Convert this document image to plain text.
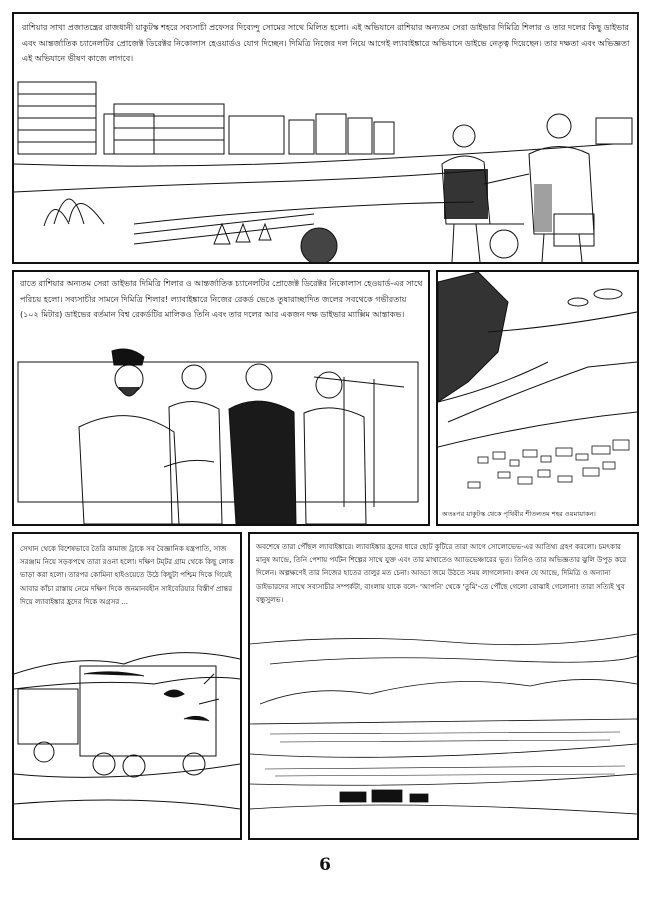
রাশিয়ার সাখা প্রজাতন্ত্রের রাজধানী য়াকুটস্ক শহরে সব্যসাচী প্রফেসর দিব্যেন্দু সোমের সাথে মিলিত হলো। এই অভিযানে রাশিয়ার অন্যতম সেরা ডাইভার দিমিত্রি শিলার ও তার দলের কিছু ডাইভার এবং আন্তর্জাতিক চ্যানেলটির প্রোজেক্ট ডিরেক্টর নিকোলাস হেওয়ার্ডও যোগ দিচ্ছেন। দিমিত্রি নিজের দল নিয়ে আগেই ল্যাবাইঙ্কারে অভিযানে ডাইভে নেতৃত্ব দিয়েছেন। তার দক্ষতা এবং অভিজ্ঞতা এই অভিযানে ভীষণ কাজে লাগবে।
রাতে রাশিয়ার অন্যতম সেরা ডাইভার দিমিত্রি শিলার ও আন্তর্জাতিক চ্যানেলটির প্রোজেক্ট ডিরেক্টর নিকোলাস হেওয়ার্ড-এর সাথে পরিচয় হলো। সব্যসাচীর সামনে দিমিত্রি শিলার! ল্যাবাইঙ্কারে নিজের রেকর্ড ভেঙে তুষারাচ্ছাদিত জলের সবথেকে গভীরতায় (১০২ মিটার) ডাইভের বর্তমান বিশ্ব রেকর্ডটির মালিকও তিনি এবং তার দলের আর একজন দক্ষ ডাইভার ম্যাক্সিম আন্তাকভ।
অতঃপর য়াকুটস্ক থেকে পৃথিবীর শীতলতম শহর ওয়মায়াকন।
সেখান থেকে বিশেষভাবে তৈরি কামাজ ট্রাকে সব বৈজ্ঞানিক যন্ত্রপাতি, সাজ সরঞ্জাম নিয়ে সড়কপথে তারা রওনা হলো। দক্ষিণ টম্টর গ্রাম থেকে কিছু লোক ভাড়া করা হলো। তারপর কোমিনা হাইওয়েতে উঠে কিছুটা পশ্চিম দিকে গিয়েই আবার কাঁচা রাস্তায় নেমে দক্ষিণ দিকে জনমানবহীন সাইবেরিয়ার বিস্তীর্ণ প্রান্তর দিয়ে ল্যাবাইঙ্কার হ্রদের দিকে অগ্রসর ...
অবশেষে তারা পৌঁছল ল্যাবাইঙ্কারে। ল্যাবাইঙ্কার হ্রদের ধারে ছোট কুটিরে তারা আগে সোলোভেভ-এর আতিথ্য গ্রহণ করলো। চমৎকার মানুষ আন্দ্রে, তিনি পেশায় পর্যটন শিল্পের সাথে যুক্ত এবং তার মাথাতেও অ্যাডভেঞ্চারের ভূত। তিনিও তার অভিজ্ঞতার ঝুলি উপুড় করে দিলেন। অল্পক্ষণেই তার নিজের হাতের তালুর মত চেনা। আড্ডা জমে উঠতে সময় লাগলোনা। কখন যে আন্দ্রে, দিমিত্রি ও অন্যান্য ডাইভারদের সাথে সব্যসাচীর সম্পর্কটা, বাংলায় যাকে বলে- 'আপনি' থেকে 'তুমি'-তে পৌঁছে গেলো বোঝাই গেলোনা! তারা সত্যিই খুব বন্ধুসুলভ।
6
